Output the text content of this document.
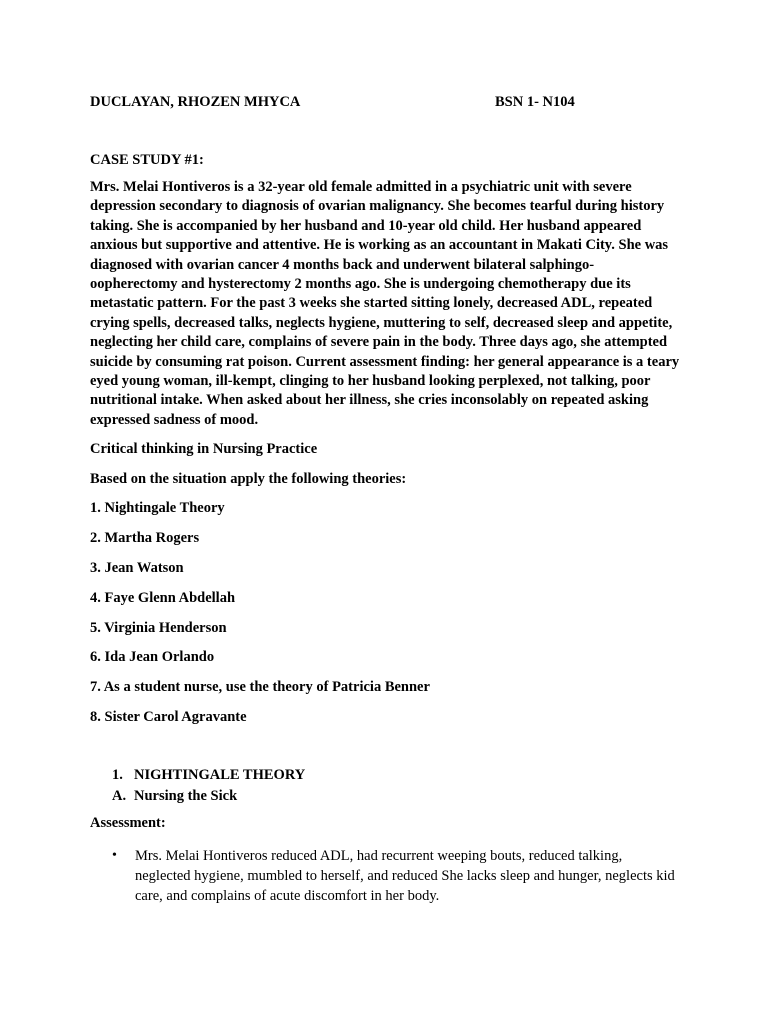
DUCLAYAN, RHOZEN MHYCA	BSN 1- N104
CASE STUDY #1:
Mrs. Melai Hontiveros is a 32-year old female admitted in a psychiatric unit with severe depression secondary to diagnosis of ovarian malignancy. She becomes tearful during history taking. She is accompanied by her husband and 10-year old child. Her husband appeared anxious but supportive and attentive. He is working as an accountant in Makati City. She was diagnosed with ovarian cancer 4 months back and underwent bilateral salphingo-oopherectomy and hysterectomy 2 months ago. She is undergoing chemotherapy due its metastatic pattern. For the past 3 weeks she started sitting lonely, decreased ADL, repeated crying spells, decreased talks, neglects hygiene, muttering to self, decreased sleep and appetite, neglecting her child care, complains of severe pain in the body. Three days ago, she attempted suicide by consuming rat poison. Current assessment finding: her general appearance is a teary eyed young woman, ill-kempt, clinging to her husband looking perplexed, not talking, poor nutritional intake. When asked about her illness, she cries inconsolably on repeated asking expressed sadness of mood.
Critical thinking in Nursing Practice
Based on the situation apply the following theories:
1. Nightingale Theory
2. Martha Rogers
3. Jean Watson
4. Faye Glenn Abdellah
5. Virginia Henderson
6. Ida Jean Orlando
7. As a student nurse, use the theory of Patricia Benner
8. Sister Carol Agravante
1. NIGHTINGALE THEORY
A. Nursing the Sick
Assessment:
•	Mrs. Melai Hontiveros reduced ADL, had recurrent weeping bouts, reduced talking, neglected hygiene, mumbled to herself, and reduced She lacks sleep and hunger, neglects kid care, and complains of acute discomfort in her body.
